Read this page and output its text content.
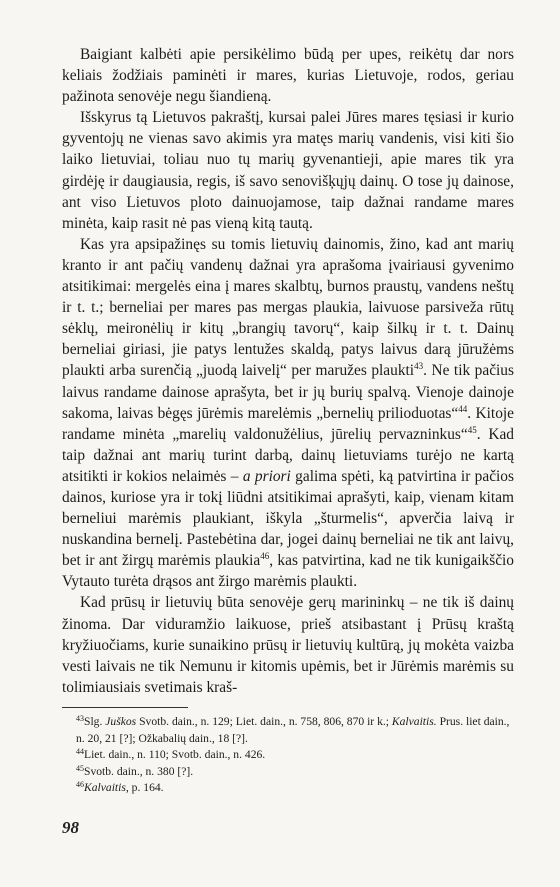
Baigiant kalbėti apie persikėlimo būdą per upes, reikėtų dar nors keliais žodžiais paminėti ir mares, kurias Lietuvoje, rodos, geriau pažinota senovėje negu šiandieną.

Išskyrus tą Lietuvos pakraštį, kursai palei Jūres mares tęsiasi ir kurio gyventojų ne vienas savo akimis yra matęs marių vandenis, visi kiti šio laiko lietuviai, toliau nuo tų marių gyvenantieji, apie mares tik yra girdėję ir daugiausia, regis, iš savo senovišķųjų dainų. O tose jų dainose, ant viso Lietuvos ploto dainuojamose, taip dažnai randame mares minėta, kaip rasit nė pas vieną kitą tautą.

Kas yra apsipažinęs su tomis lietuvių dainomis, žino, kad ant marių kranto ir ant pačių vandenų dažnai yra aprašoma įvairiausi gyvenimo atsitikimai: mergelės eina į mares skalbtų, burnos praustų, vandens neštų ir t. t.; berneliai per mares pas mergas plaukia, laivuose parsiveža rūtų sėklų, meironėlių ir kitų „brangių tavorų“, kaip šilkų ir t. t. Dainų berneliai giriasi, jie patys lentužes skaldą, patys laivus darą jūružėms plaukti arba surenčią „juodą laivelį“ per maružes plaukti$^{43}$. Ne tik pačius laivus randame dainose aprašyta, bet ir jų burių spalvą. Vienoje dainoje sakoma, laivas bėgęs jūrėmis marelėmis „bernelių prilioduotas“$^{44}$. Kitoje randame minėta „marelių valdonužėlius, jūrelių pervazninkus“$^{45}$. Kad taip dažnai ant marių turint darbą, dainų lietuviams turėjo ne kartą atsitikti ir kokios nelaimės – a priori galima spėti, ką patvirtina ir pačios dainos, kuriose yra ir tokį liūdni atsitikimai aprašyti, kaip, vienam kitam berneliui marėmis plaukiant, iškyla „šturmelis“, apverčia laivą ir nuskandina bernelį. Pastebėtina dar, jogei dainų berneliai ne tik ant laivų, bet ir ant žirgų marėmis plaukia$^{46}$, kas patvirtina, kad ne tik kunigaikščio Vytauto turėta drąsos ant žirgo marėmis plaukti.

Kad prūsų ir lietuvių būta senovėje gerų marininkų – ne tik iš dainų žinoma. Dar viduramžio laikuose, prieš atsibastant į Prūsų kraštą kryžiuočiams, kurie sunaikino prūsų ir lietuvių kultūrą, jų mokėta vaizba vesti laivais ne tik Nemunu ir kitomis upėmis, bet ir Jūrėmis marėmis su tolimiausiais svetimais kraš-

$^{43}$Slg. Juškos Svotb. dain., n. 129; Liet. dain., n. 758, 806, 870 ir k.; Kalvaitis. Prus. liet dain., n. 20, 21 [?]; Ožkabalių dain., 18 [?].

$^{44}$Liet. dain., n. 110; Svotb. dain., n. 426.

$^{45}$Svotb. dain., n. 380 [?].

$^{46}$Kalvaitis, p. 164.

98
